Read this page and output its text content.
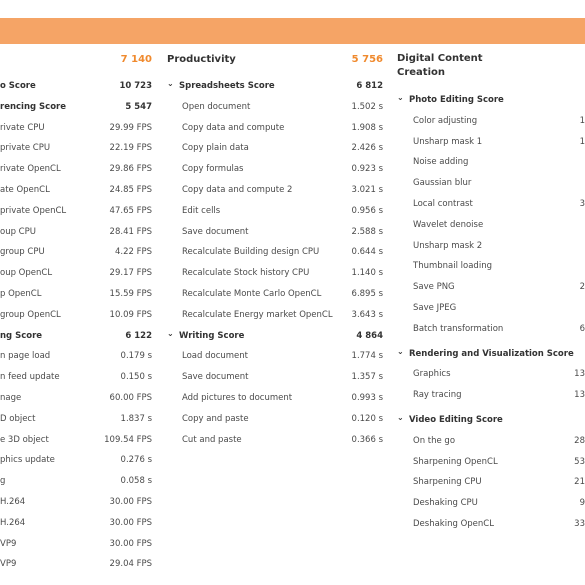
7 140
o Score	10 723
rencing Score	5 547
rivate CPU	29.99 FPS
private CPU	22.19 FPS
rivate OpenCL	29.86 FPS
ate OpenCL	24.85 FPS
private OpenCL	47.65 FPS
oup CPU	28.41 FPS
group CPU	4.22 FPS
oup OpenCL	29.17 FPS
p OpenCL	15.59 FPS
group OpenCL	10.09 FPS
ng Score	6 122
n page load	0.179 s
n feed update	0.150 s
nage	60.00 FPS
D object	1.837 s
e 3D object	109.54 FPS
phics update	0.276 s
g	0.058 s
H.264	30.00 FPS
H.264	30.00 FPS
VP9	30.00 FPS
VP9	29.04 FPS
Productivity	5 756
⌄ Spreadsheets Score	6 812
Open document	1.502 s
Copy data and compute	1.908 s
Copy plain data	2.426 s
Copy formulas	0.923 s
Copy data and compute 2	3.021 s
Edit cells	0.956 s
Save document	2.588 s
Recalculate Building design CPU	0.644 s
Recalculate Stock history CPU	1.140 s
Recalculate Monte Carlo OpenCL	6.895 s
Recalculate Energy market OpenCL 3.643 s
⌄ Writing Score	4 864
Load document	1.774 s
Save document	1.357 s
Add pictures to document	0.993 s
Copy and paste	0.120 s
Cut and paste	0.366 s
Digital Content
Creation
⌄ Photo Editing Score
Color adjusting	1
Unsharp mask 1	1
Noise adding
Gaussian blur
Local contrast	3
Wavelet denoise
Unsharp mask 2
Thumbnail loading
Save PNG	2
Save JPEG
Batch transformation	6
⌄ Rendering and Visualization Score
Graphics	13
Ray tracing	13
⌄ Video Editing Score
On the go	28
Sharpening OpenCL	53
Sharpening CPU	21
Deshaking CPU	9
Deshaking OpenCL	33
